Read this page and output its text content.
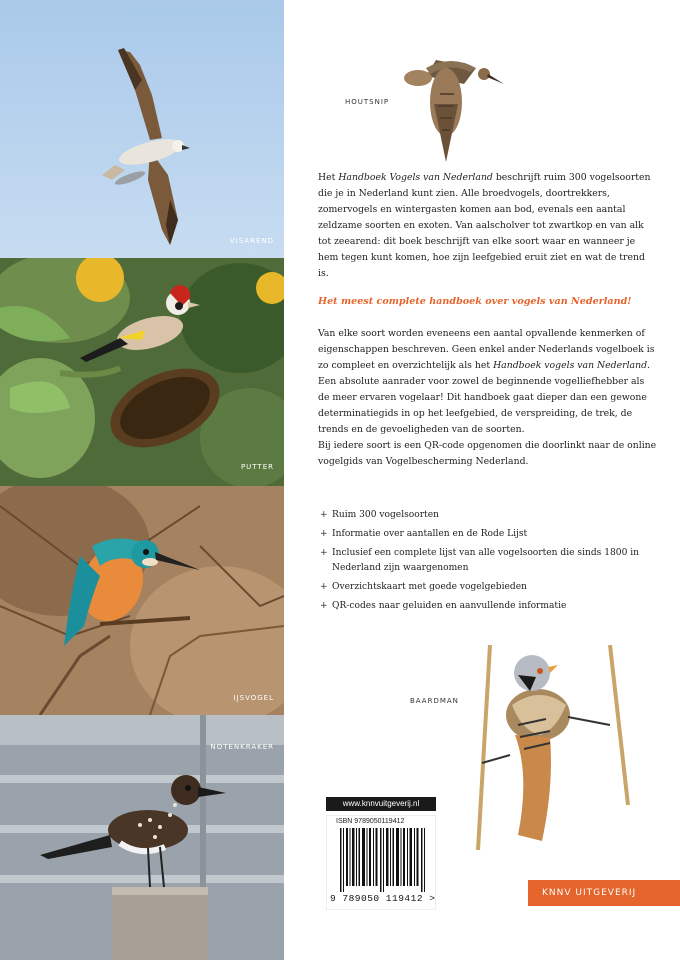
VISAREND
PUTTER
IJSVOGEL
NOTENKRAKER
HOUTSNIP

Het Handboek Vogels van Nederland beschrijft ruim 300 vogelsoorten die je in Nederland kunt zien. Alle broedvogels, doortrekkers, zomervogels en wintergasten komen aan bod, evenals een aantal zeldzame soorten en exoten. Van aalscholver tot zwartkop en van alk tot zeearend: dit boek beschrijft van elke soort waar en wanneer je hem tegen kunt komen, hoe zijn leefgebied eruit ziet en wat de trend is.

Het meest complete handboek over vogels van Nederland!

Van elke soort worden eveneens een aantal opvallende kenmerken of eigenschappen beschreven. Geen enkel ander Nederlands vogelboek is zo compleet en overzichtelijk als het Handboek vogels van Nederland. Een absolute aanrader voor zowel de beginnende vogelliefhebber als de meer ervaren vogelaar! Dit handboek gaat dieper dan een gewone determinatiegids in op het leefgebied, de verspreiding, de trek, de trends en de gevoeligheden van de soorten.

Bij iedere soort is een QR-code opgenomen die doorlinkt naar de online vogelgids van Vogelbescherming Nederland.

+ Ruim 300 vogelsoorten
+ Informatie over aantallen en de Rode Lijst
+ Inclusief een complete lijst van alle vogelsoorten die sinds 1800 in Nederland zijn waargenomen
+ Overzichtskaart met goede vogelgebieden
+ QR-codes naar geluiden en aanvullende informatie
BAARDMAN
www.knnvuitgeverij.nl
ISBN 9789050119412
9 789050 119412 >	KNNV UITGEVERIJ
